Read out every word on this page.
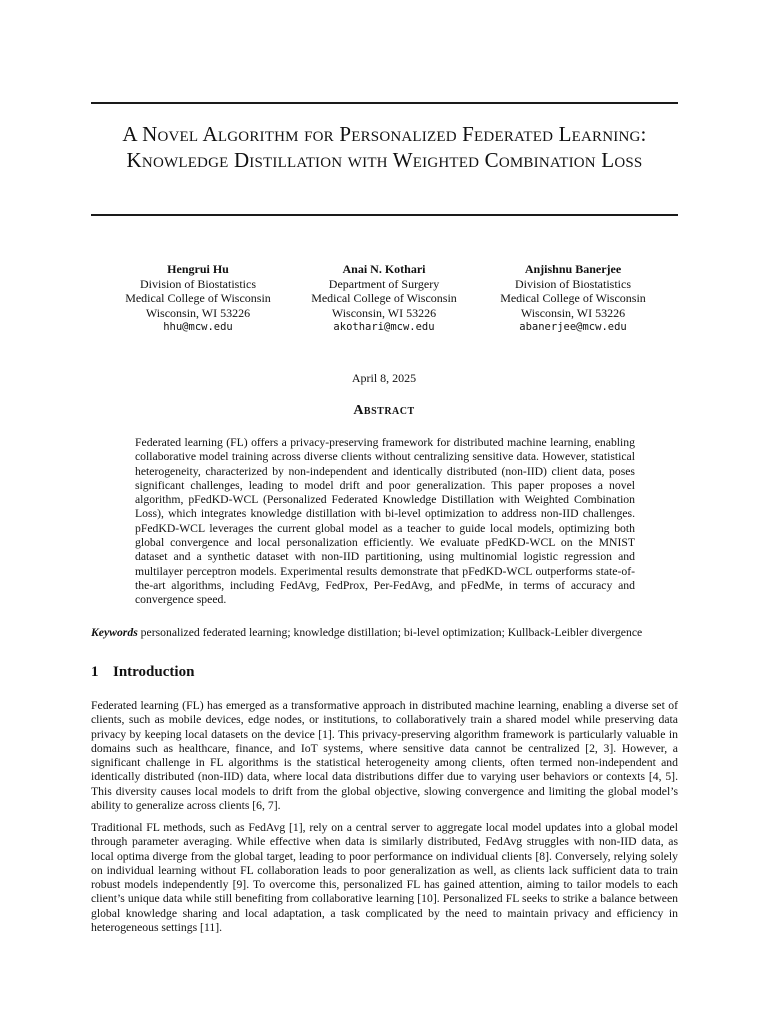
A Novel Algorithm for Personalized Federated Learning: Knowledge Distillation with Weighted Combination Loss
Hengrui Hu
Division of Biostatistics
Medical College of Wisconsin
Wisconsin, WI 53226
hhu@mcw.edu
Anai N. Kothari
Department of Surgery
Medical College of Wisconsin
Wisconsin, WI 53226
akothari@mcw.edu
Anjishnu Banerjee
Division of Biostatistics
Medical College of Wisconsin
Wisconsin, WI 53226
abanerjee@mcw.edu
April 8, 2025
Abstract

Federated learning (FL) offers a privacy-preserving framework for distributed machine learning, enabling collaborative model training across diverse clients without centralizing sensitive data. However, statistical heterogeneity, characterized by non-independent and identically distributed (non-IID) client data, poses significant challenges, leading to model drift and poor generalization. This paper proposes a novel algorithm, pFedKD-WCL (Personalized Federated Knowledge Distillation with Weighted Combination Loss), which integrates knowledge distillation with bi-level optimization to address non-IID challenges. pFedKD-WCL leverages the current global model as a teacher to guide local models, optimizing both global convergence and local personalization efficiently. We evaluate pFedKD-WCL on the MNIST dataset and a synthetic dataset with non-IID partitioning, using multinomial logistic regression and multilayer perceptron models. Experimental results demonstrate that pFedKD-WCL outperforms state-of-the-art algorithms, including FedAvg, FedProx, Per-FedAvg, and pFedMe, in terms of accuracy and convergence speed.

Keywords personalized federated learning; knowledge distillation; bi-level optimization; Kullback-Leibler divergence
1 Introduction

Federated learning (FL) has emerged as a transformative approach in distributed machine learning, enabling a diverse set of clients, such as mobile devices, edge nodes, or institutions, to collaboratively train a shared model while preserving data privacy by keeping local datasets on the device [1]. This privacy-preserving algorithm framework is particularly valuable in domains such as healthcare, finance, and IoT systems, where sensitive data cannot be centralized [2, 3]. However, a significant challenge in FL algorithms is the statistical heterogeneity among clients, often termed non-independent and identically distributed (non-IID) data, where local data distributions differ due to varying user behaviors or contexts [4, 5]. This diversity causes local models to drift from the global objective, slowing convergence and limiting the global model’s ability to generalize across clients [6, 7].

Traditional FL methods, such as FedAvg [1], rely on a central server to aggregate local model updates into a global model through parameter averaging. While effective when data is similarly distributed, FedAvg struggles with non-IID data, as local optima diverge from the global target, leading to poor performance on individual clients [8]. Conversely, relying solely on individual learning without FL collaboration leads to poor generalization as well, as clients lack sufficient data to train robust models independently [9]. To overcome this, personalized FL has gained attention, aiming to tailor models to each client’s unique data while still benefiting from collaborative learning [10]. Personalized FL seeks to strike a balance between global knowledge sharing and local adaptation, a task complicated by the need to maintain privacy and efficiency in heterogeneous settings [11].
